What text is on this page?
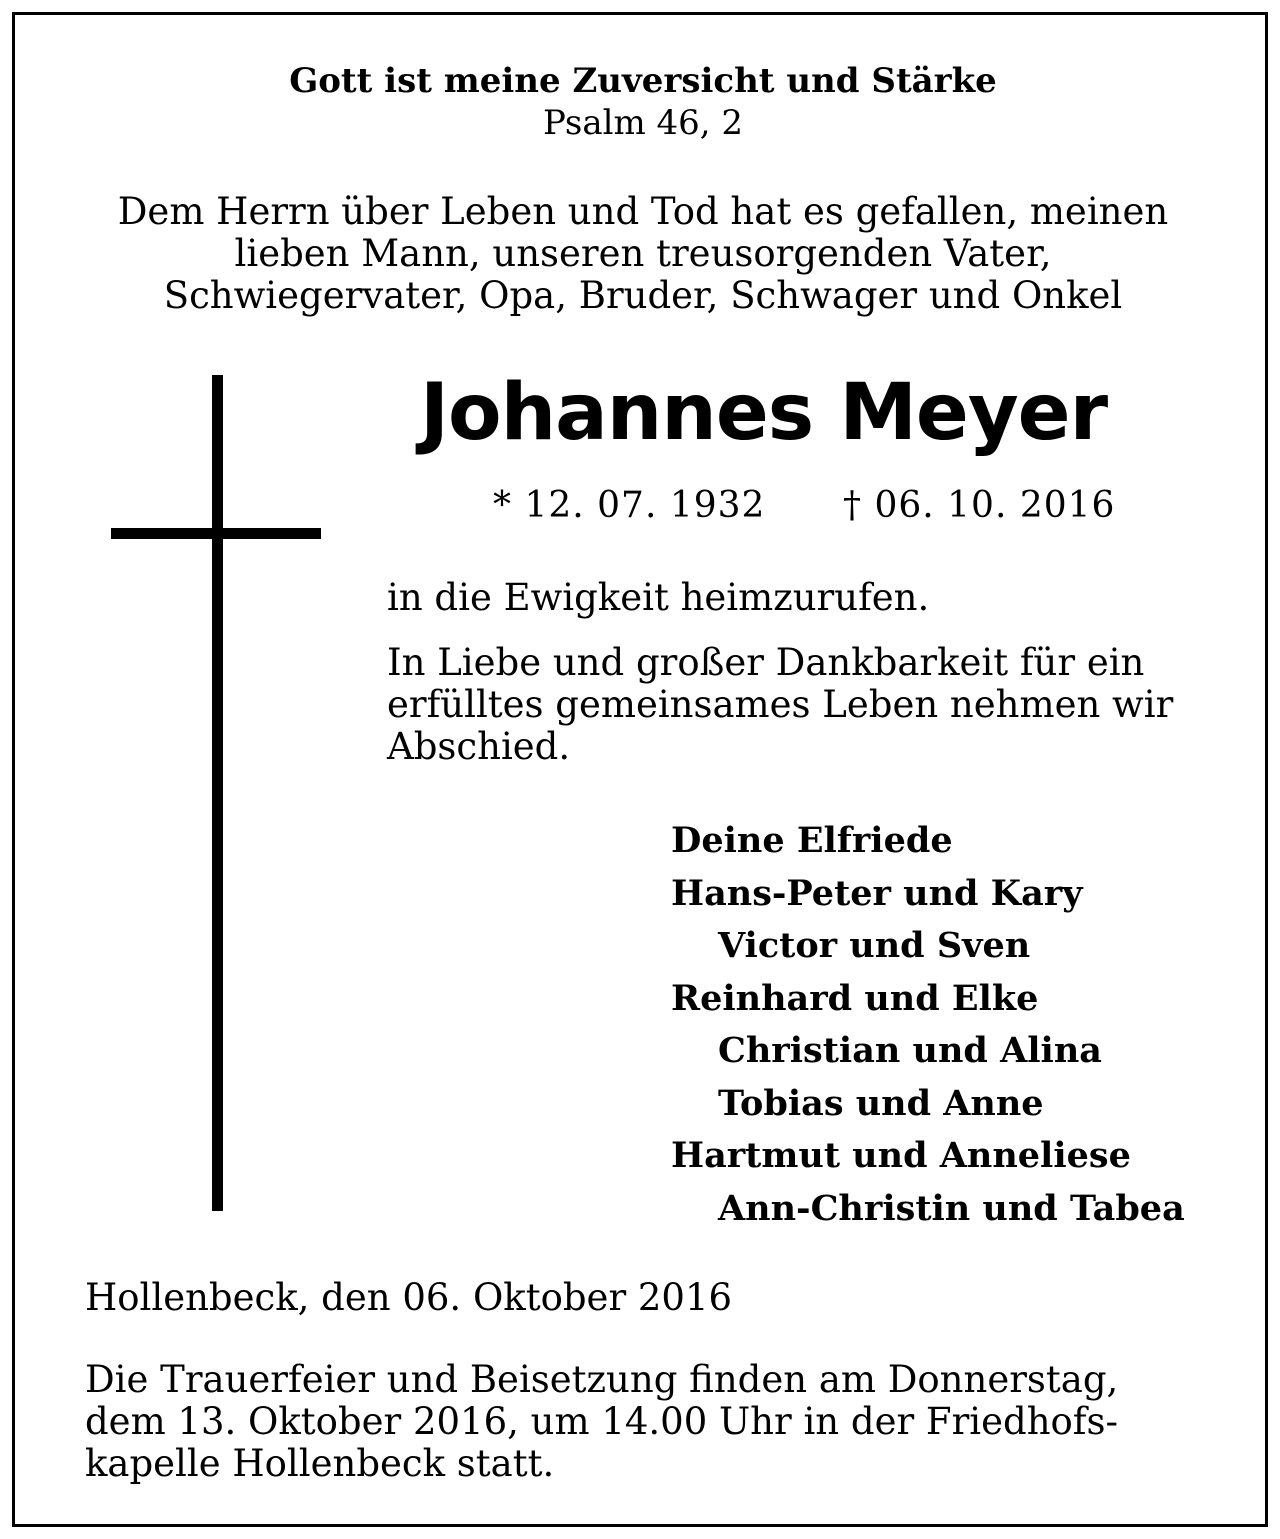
Gott ist meine Zuversicht und Stärke

Psalm 46, 2

Dem Herrn über Leben und Tod hat es gefallen, meinen
lieben Mann, unseren treusorgenden Vater,
Schwiegervater, Opa, Bruder, Schwager und Onkel
Johannes Meyer

* 12. 07. 1932 † 06. 10. 2016

in die Ewigkeit heimzurufen.
In Liebe und großer Dankbarkeit für ein
erfülltes gemeinsames Leben nehmen wir
Abschied.
Deine Elfriede
Hans-Peter und Kary
Victor und Sven
Reinhard und Elke
Christian und Alina
Tobias und Anne
Hartmut und Anneliese
Ann-Christin und Tabea

Hollenbeck, den 06. Oktober 2016

Die Trauerfeier und Beisetzung finden am Donnerstag,
dem 13. Oktober 2016, um 14.00 Uhr in der Friedhofs-
kapelle Hollenbeck statt.
